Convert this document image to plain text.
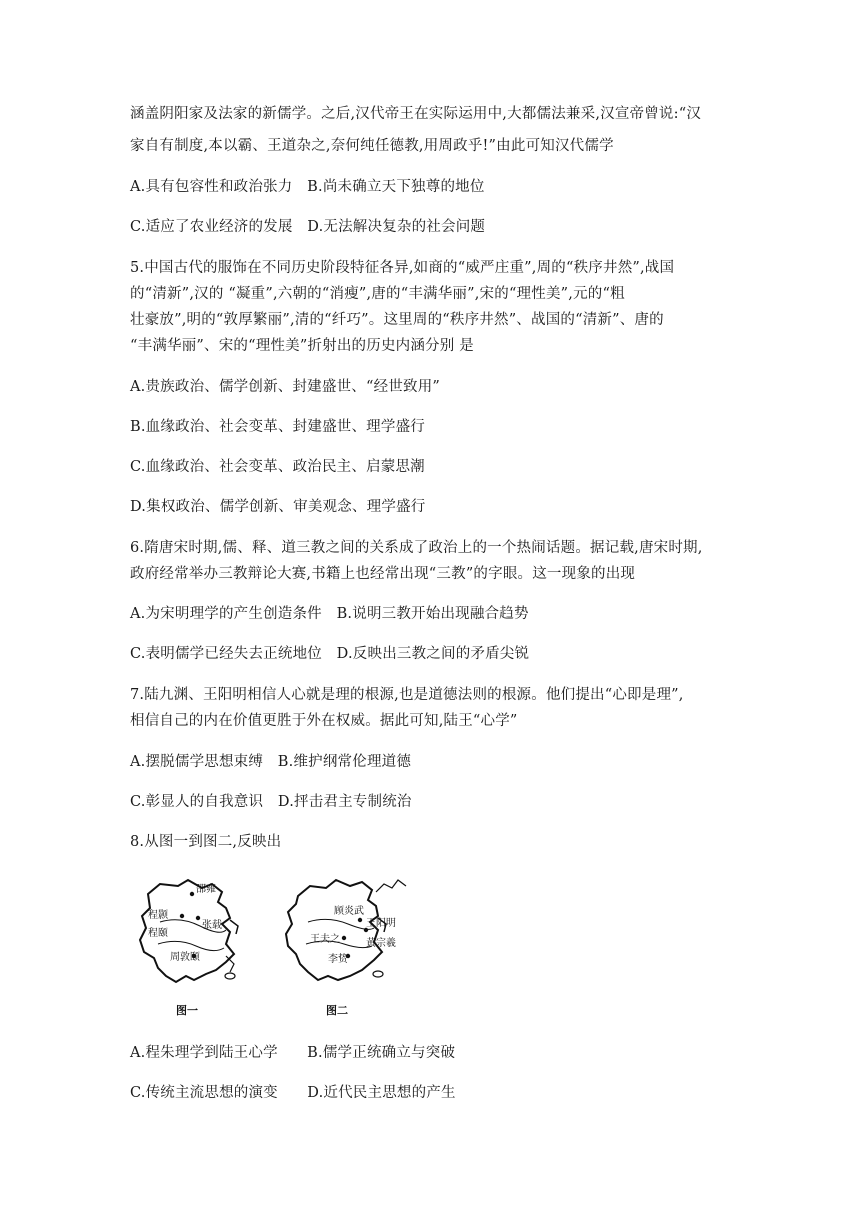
涵盖阴阳家及法家的新儒学。之后,汉代帝王在实际运用中,大都儒法兼采,汉宣帝曾说:“汉
家自有制度,本以霸、王道杂之,奈何纯任德教,用周政乎!”由此可知汉代儒学
A.具有包容性和政治张力　B.尚未确立天下独尊的地位
C.适应了农业经济的发展　D.无法解决复杂的社会问题
5.中国古代的服饰在不同历史阶段特征各异,如商的“威严庄重”,周的“秩序井然”,战国
的“清新”,汉的 “凝重”,六朝的“消瘦”,唐的“丰满华丽”,宋的“理性美”,元的“粗
壮豪放”,明的“敦厚繁丽”,清的“纤巧”。这里周的“秩序井然”、战国的“清新”、唐的
“丰满华丽”、宋的“理性美”折射出的历史内涵分别 是
A.贵族政治、儒学创新、封建盛世、“经世致用”
B.血缘政治、社会变革、封建盛世、理学盛行
C.血缘政治、社会变革、政治民主、启蒙思潮
D.集权政治、儒学创新、审美观念、理学盛行
6.隋唐宋时期,儒、释、道三教之间的关系成了政治上的一个热闹话题。据记载,唐宋时期,
政府经常举办三教辩论大赛,书籍上也经常出现“三教”的字眼。这一现象的出现
A.为宋明理学的产生创造条件　B.说明三教开始出现融合趋势
C.表明儒学已经失去正统地位　D.反映出三教之间的矛盾尖锐
7.陆九渊、王阳明相信人心就是理的根源,也是道德法则的根源。他们提出“心即是理”,
相信自己的内在价值更胜于外在权威。据此可知,陆王“心学”
A.摆脱儒学思想束缚　B.维护纲常伦理道德
C.彰显人的自我意识　D.抨击君主专制统治
8.从图一到图二,反映出
邵雍
程颢
张载
程颐
周敦颐
图一
顾炎武
王阳明
王夫之	黄宗羲
李贽
图二
A.程朱理学到陆王心学　　B.儒学正统确立与突破
C.传统主流思想的演变　　D.近代民主思想的产生
